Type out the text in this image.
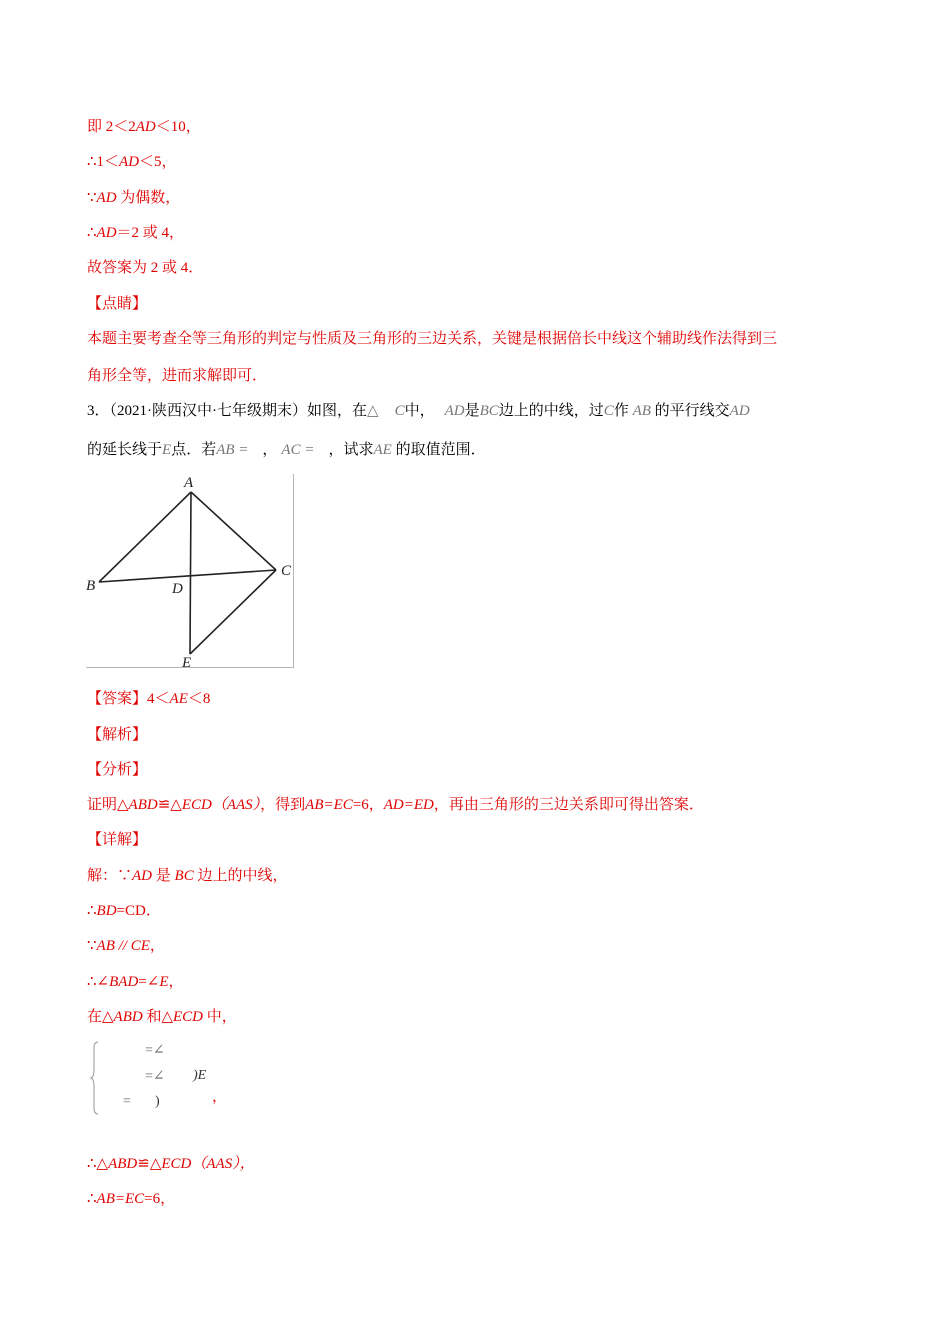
即 2＜2AD＜10，
∴1＜AD＜5，
∵AD 为偶数，
∴AD＝2 或 4，
故答案为 2 或 4．
【点睛】
本题主要考查全等三角形的判定与性质及三角形的三边关系，关键是根据倍长中线这个辅助线作法得到三
角形全等，进而求解即可．
3．（2021·陕西汉中·七年级期末）如图，在△ C中， AD是BC边上的中线，过C作 AB 的平行线交AD
的延长线于E点．若AB = ， AC = ，试求AE 的取值范围．
A
B
C
D
E
【答案】4＜AE＜8
【解析】
【分析】
证明△ABD≌△ECD（AAS），得到AB=EC=6，AD=ED，再由三角形的三边关系即可得出答案．
【详解】
解：∵AD 是 BC 边上的中线，
∴BD=CD．
∵AB // CE，
∴∠BAD=∠E，
在△ABD 和△ECD 中，
=∠
=∠ )E
= )	，
∴△ABD≌△ECD（AAS），
∴AB=EC=6，
